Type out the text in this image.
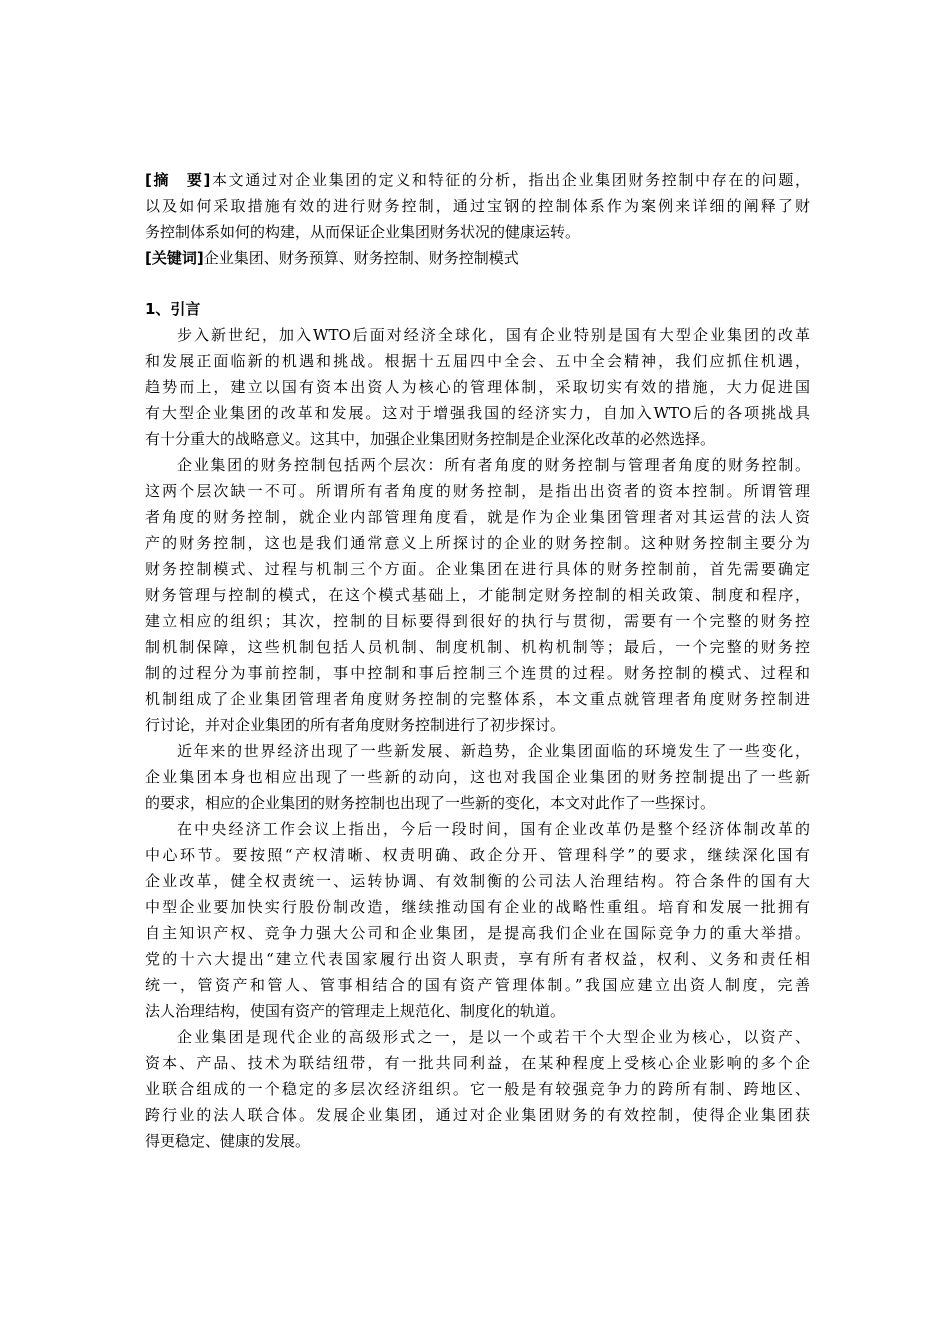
[摘　要]本文通过对企业集团的定义和特征的分析，指出企业集团财务控制中存在的问题，
以及如何采取措施有效的进行财务控制，通过宝钢的控制体系作为案例来详细的阐释了财
务控制体系如何的构建，从而保证企业集团财务状况的健康运转。
[关键词]企业集团、财务预算、财务控制、财务控制模式
1、引言
步入新世纪，加入WTO后面对经济全球化，国有企业特别是国有大型企业集团的改革
和发展正面临新的机遇和挑战。根据十五届四中全会、五中全会精神，我们应抓住机遇，
趋势而上，建立以国有资本出资人为核心的管理体制，采取切实有效的措施，大力促进国
有大型企业集团的改革和发展。这对于增强我国的经济实力，自加入WTO后的各项挑战具
有十分重大的战略意义。这其中，加强企业集团财务控制是企业深化改革的必然选择。
企业集团的财务控制包括两个层次：所有者角度的财务控制与管理者角度的财务控制。
这两个层次缺一不可。所谓所有者角度的财务控制，是指出出资者的资本控制。所谓管理
者角度的财务控制，就企业内部管理角度看，就是作为企业集团管理者对其运营的法人资
产的财务控制，这也是我们通常意义上所探讨的企业的财务控制。这种财务控制主要分为
财务控制模式、过程与机制三个方面。企业集团在进行具体的财务控制前，首先需要确定
财务管理与控制的模式，在这个模式基础上，才能制定财务控制的相关政策、制度和程序，
建立相应的组织；其次，控制的目标要得到很好的执行与贯彻，需要有一个完整的财务控
制机制保障，这些机制包括人员机制、制度机制、机构机制等；最后，一个完整的财务控
制的过程分为事前控制，事中控制和事后控制三个连贯的过程。财务控制的模式、过程和
机制组成了企业集团管理者角度财务控制的完整体系，本文重点就管理者角度财务控制进
行讨论，并对企业集团的所有者角度财务控制进行了初步探讨。
近年来的世界经济出现了一些新发展、新趋势，企业集团面临的环境发生了一些变化，
企业集团本身也相应出现了一些新的动向，这也对我国企业集团的财务控制提出了一些新
的要求，相应的企业集团的财务控制也出现了一些新的变化，本文对此作了一些探讨。
在中央经济工作会议上指出，今后一段时间，国有企业改革仍是整个经济体制改革的
中心环节。要按照“产权清晰、权责明确、政企分开、管理科学”的要求，继续深化国有
企业改革，健全权责统一、运转协调、有效制衡的公司法人治理结构。符合条件的国有大
中型企业要加快实行股份制改造，继续推动国有企业的战略性重组。培育和发展一批拥有
自主知识产权、竞争力强大公司和企业集团，是提高我们企业在国际竞争力的重大举措。
党的十六大提出“建立代表国家履行出资人职责，享有所有者权益，权利、义务和责任相
统一，管资产和管人、管事相结合的国有资产管理体制。”我国应建立出资人制度，完善
法人治理结构，使国有资产的管理走上规范化、制度化的轨道。
企业集团是现代企业的高级形式之一，是以一个或若干个大型企业为核心，以资产、
资本、产品、技术为联结纽带，有一批共同利益，在某种程度上受核心企业影响的多个企
业联合组成的一个稳定的多层次经济组织。它一般是有较强竞争力的跨所有制、跨地区、
跨行业的法人联合体。发展企业集团，通过对企业集团财务的有效控制，使得企业集团获
得更稳定、健康的发展。
